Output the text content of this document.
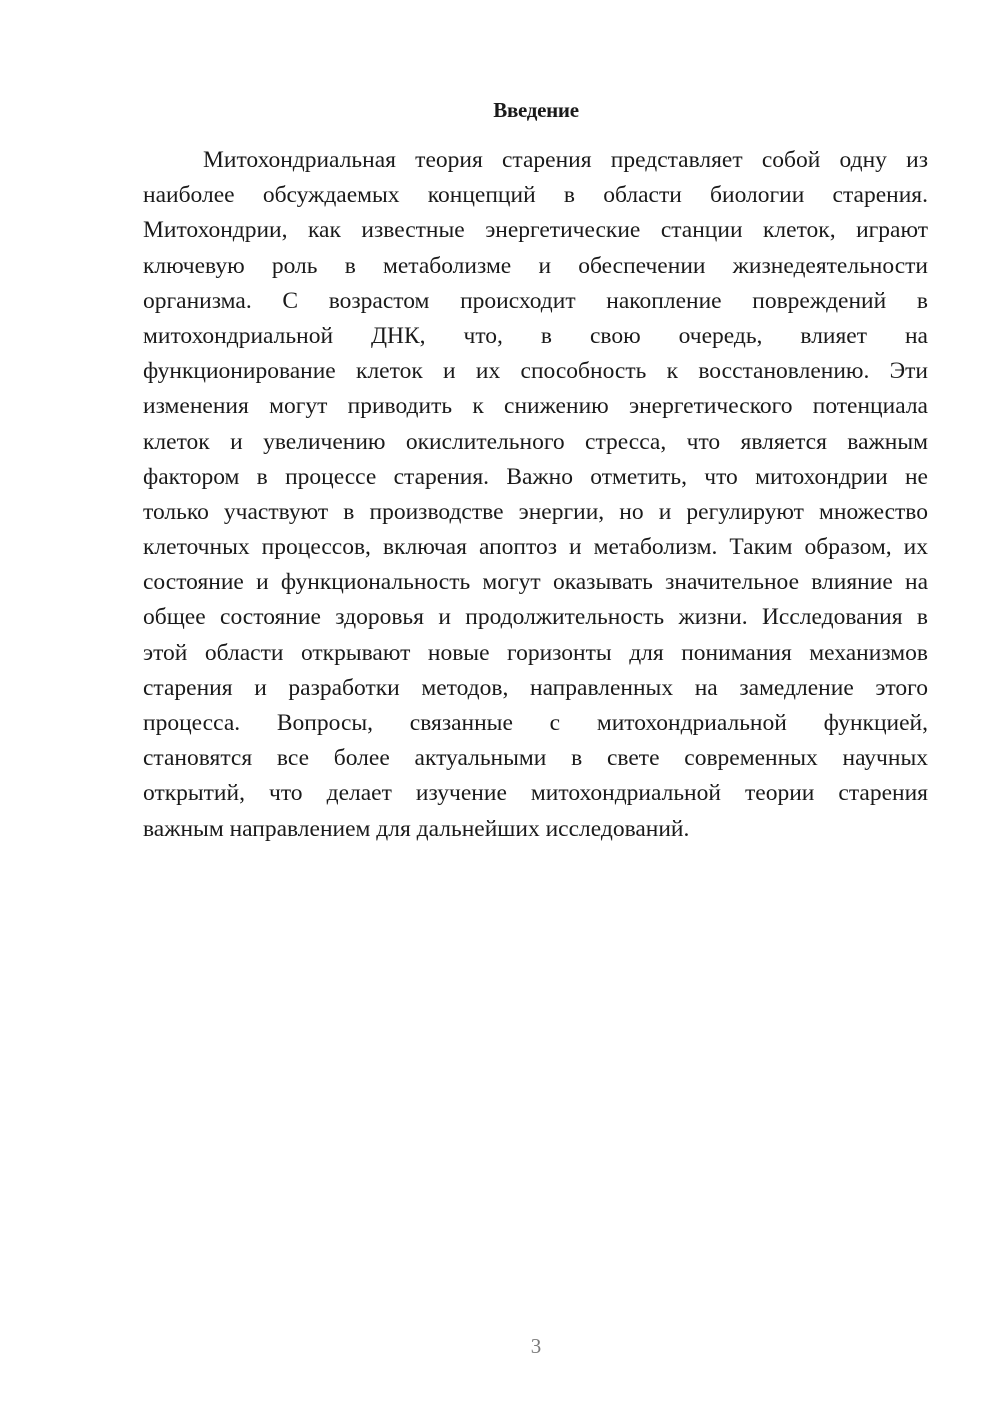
Введение
Митохондриальная теория старения представляет собой одну из
наиболее обсуждаемых концепций в области биологии старения.
Митохондрии, как известные энергетические станции клеток, играют
ключевую роль в метаболизме и обеспечении жизнедеятельности
организма. С возрастом происходит накопление повреждений в
митохондриальной ДНК, что, в свою очередь, влияет на
функционирование клеток и их способность к восстановлению. Эти
изменения могут приводить к снижению энергетического потенциала
клеток и увеличению окислительного стресса, что является важным
фактором в процессе старения. Важно отметить, что митохондрии не
только участвуют в производстве энергии, но и регулируют множество
клеточных процессов, включая апоптоз и метаболизм. Таким образом, их
состояние и функциональность могут оказывать значительное влияние на
общее состояние здоровья и продолжительность жизни. Исследования в
этой области открывают новые горизонты для понимания механизмов
старения и разработки методов, направленных на замедление этого
процесса. Вопросы, связанные с митохондриальной функцией,
становятся все более актуальными в свете современных научных
открытий, что делает изучение митохондриальной теории старения
важным направлением для дальнейших исследований.
3
